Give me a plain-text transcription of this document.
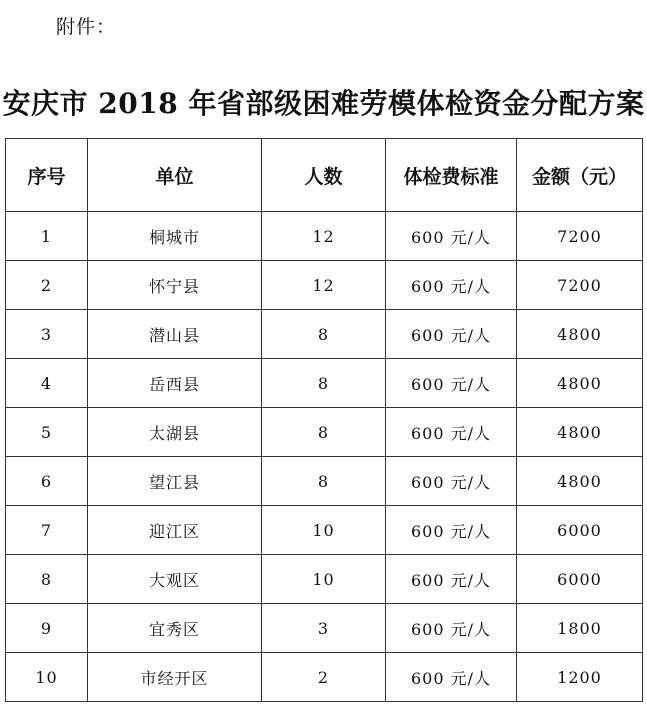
附件：
安庆市 2018 年省部级困难劳模体检资金分配方案
序号	单位	人数	体检费标准	金额（元）
1	桐城市	12	600 元/人	7200
2	怀宁县	12	600 元/人	7200
3	潜山县	8	600 元/人	4800
4	岳西县	8	600 元/人	4800
5	太湖县	8	600 元/人	4800
6	望江县	8	600 元/人	4800
7	迎江区	10	600 元/人	6000
8	大观区	10	600 元/人	6000
9	宜秀区	3	600 元/人	1800
10	市经开区	2	600 元/人	1200
